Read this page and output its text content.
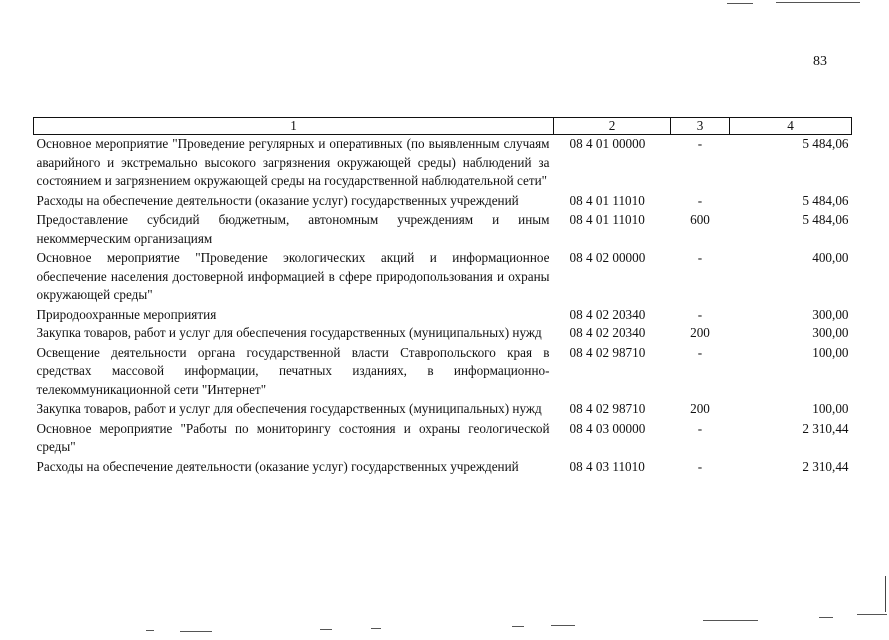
83
1	2	3	4
Основное мероприятие "Проведение регулярных и оперативных (по выявленным случаям аварийного и экстремально высокого загрязнения окружающей среды) наблюдений за состоянием и загрязнением окружающей среды на государственной наблюдательной сети"	08 4 01 00000	-	5 484,06
Расходы на обеспечение деятельности (оказание услуг) государственных учреждений	08 4 01 11010	-	5 484,06
Предоставление субсидий бюджетным, автономным учреждениям и иным некоммерческим организациям	08 4 01 11010	600	5 484,06
Основное мероприятие "Проведение экологических акций и информационное обеспечение населения достоверной информацией в сфере природопользования и охраны окружающей среды"	08 4 02 00000	-	400,00
Природоохранные мероприятия	08 4 02 20340	-	300,00
Закупка товаров, работ и услуг для обеспечения государственных (муниципальных) нужд	08 4 02 20340	200	300,00
Освещение деятельности органа государственной власти Ставропольского края в средствах массовой информации, печатных изданиях, в информационно-телекоммуникационной сети "Интернет"	08 4 02 98710	-	100,00
Закупка товаров, работ и услуг для обеспечения государственных (муниципальных) нужд	08 4 02 98710	200	100,00
Основное мероприятие "Работы по мониторингу состояния и охраны геологической среды"	08 4 03 00000	-	2 310,44
Расходы на обеспечение деятельности (оказание услуг) государственных учреждений	08 4 03 11010	-	2 310,44
